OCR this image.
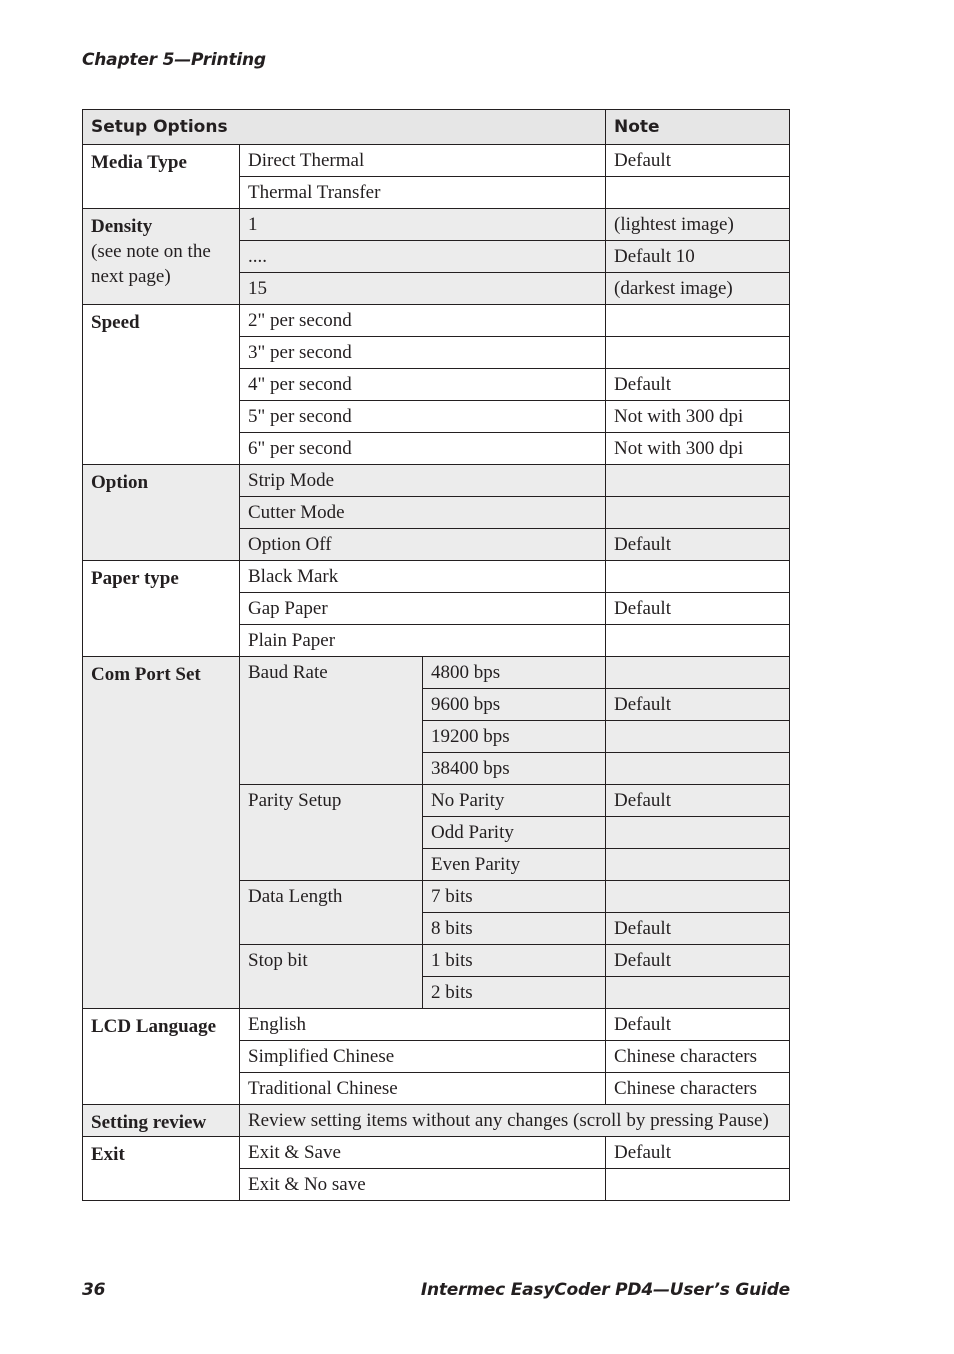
Chapter 5—Printing
Setup Options			Note

Media Type	Direct Thermal		Default
	Thermal Transfer		

Density
(see note on the next page)	1		(lightest image)
	....		Default 10
	15		(darkest image)

Speed	2" per second		
	3" per second		
	4" per second		Default
	5" per second		Not with 300 dpi
	6" per second		Not with 300 dpi

Option	Strip Mode		
	Cutter Mode		
	Option Off		Default

Paper type	Black Mark		
	Gap Paper		Default
	Plain Paper		

Com Port Set	Baud Rate	4800 bps	
		9600 bps	Default
		19200 bps	
		38400 bps	
	Parity Setup	No Parity	Default
		Odd Parity	
		Even Parity	
	Data Length	7 bits	
		8 bits	Default
	Stop bit	1 bits	Default
		2 bits	

LCD Language	English		Default
	Simplified Chinese		Chinese characters
	Traditional Chinese		Chinese characters

Setting review	Review setting items without any changes (scroll by pressing Pause)		

Exit	Exit & Save		Default
	Exit & No save		
36	Intermec EasyCoder PD4—User’s Guide
